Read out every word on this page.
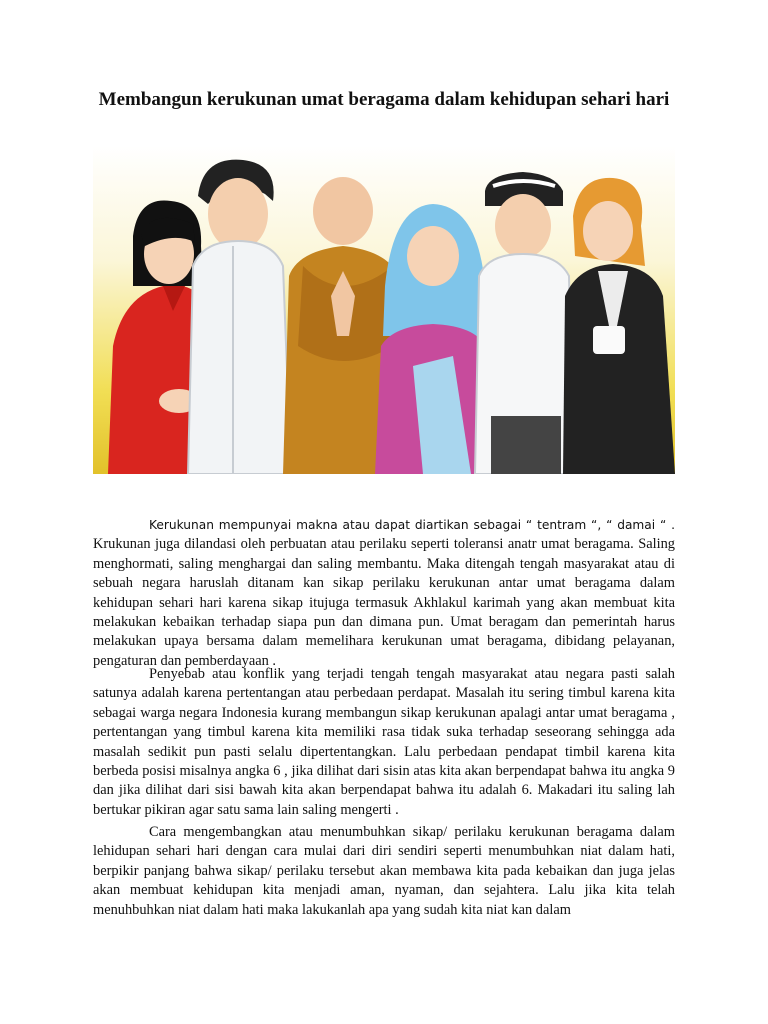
Membangun kerukunan umat beragama dalam kehidupan sehari hari

Kerukunan mempunyai makna atau dapat diartikan sebagai “ tentram “, “ damai “ . Krukunan juga dilandasi oleh perbuatan atau perilaku seperti toleransi anatr umat beragama. Saling menghormati, saling menghargai dan saling membantu. Maka ditengah tengah masyarakat atau di sebuah negara haruslah ditanam kan sikap perilaku kerukunan antar umat beragama dalam kehidupan sehari hari karena sikap itujuga termasuk Akhlakul karimah yang akan membuat kita melakukan kebaikan terhadap siapa pun dan dimana pun. Umat beragam dan pemerintah harus melakukan upaya bersama dalam memelihara kerukunan umat beragama, dibidang pelayanan, pengaturan dan pemberdayaan .

Penyebab atau konflik yang terjadi tengah tengah masyarakat atau negara pasti salah satunya adalah karena pertentangan atau perbedaan perdapat. Masalah itu sering timbul karena kita sebagai warga negara Indonesia kurang membangun sikap kerukunan apalagi antar umat beragama , pertentangan yang timbul karena kita memiliki rasa tidak suka terhadap seseorang sehingga ada masalah sedikit pun pasti selalu dipertentangkan. Lalu perbedaan pendapat timbil karena kita berbeda posisi misalnya angka 6 , jika dilihat dari sisin atas kita akan berpendapat bahwa itu angka 9 dan jika dilihat dari sisi bawah kita akan berpendapat bahwa itu adalah 6. Makadari itu saling lah bertukar pikiran agar satu sama lain saling mengerti .

Cara mengembangkan atau menumbuhkan sikap/ perilaku kerukunan beragama dalam lehidupan sehari hari dengan cara mulai dari diri sendiri seperti menumbuhkan niat dalam hati, berpikir panjang bahwa sikap/ perilaku tersebut akan membawa kita pada kebaikan dan juga jelas akan membuat kehidupan kita menjadi aman, nyaman, dan sejahtera. Lalu jika kita telah menuhbuhkan niat dalam hati maka lakukanlah apa yang sudah kita niat kan dalam
